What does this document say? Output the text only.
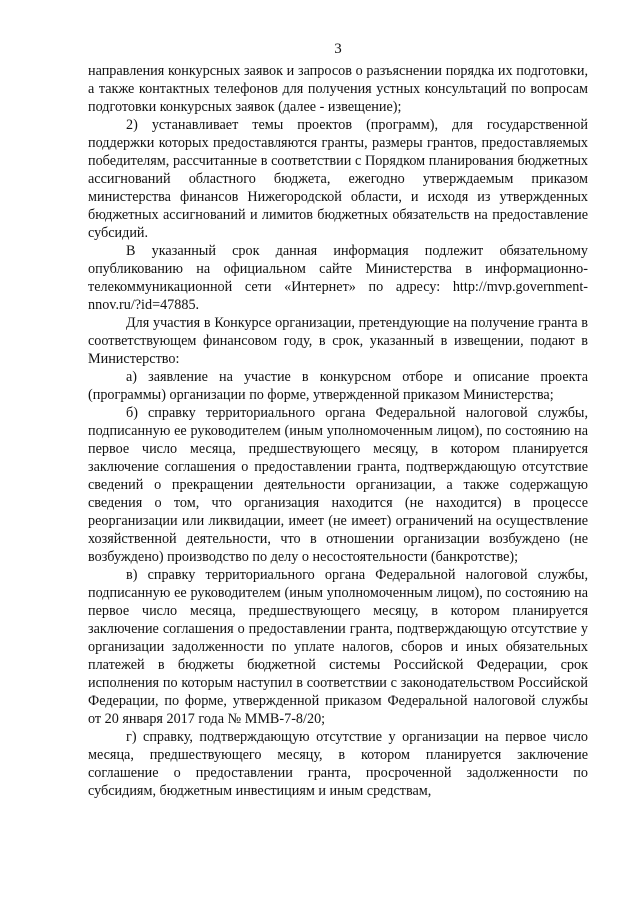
3

направления конкурсных заявок и запросов о разъяснении порядка их подготовки, а также контактных телефонов для получения устных консультаций по вопросам подготовки конкурсных заявок (далее - извещение);

2) устанавливает темы проектов (программ), для государственной поддержки которых предоставляются гранты, размеры грантов, предоставляемых победителям, рассчитанные в соответствии с Порядком планирования бюджетных ассигнований областного бюджета, ежегодно утверждаемым приказом министерства финансов Нижегородской области, и исходя из утвержденных бюджетных ассигнований и лимитов бюджетных обязательств на предоставление субсидий.

В указанный срок данная информация подлежит обязательному опубликованию на официальном сайте Министерства в информационно-телекоммуникационной сети «Интернет» по адресу: http://mvp.government-nnov.ru/?id=47885.

Для участия в Конкурсе организации, претендующие на получение гранта в соответствующем финансовом году, в срок, указанный в извещении, подают в Министерство:

а) заявление на участие в конкурсном отборе и описание проекта (программы) организации по форме, утвержденной приказом Министерства;

б) справку территориального органа Федеральной налоговой службы, подписанную ее руководителем (иным уполномоченным лицом), по состоянию на первое число месяца, предшествующего месяцу, в котором планируется заключение соглашения о предоставлении гранта, подтверждающую отсутствие сведений о прекращении деятельности организации, а также содержащую сведения о том, что организация находится (не находится) в процессе реорганизации или ликвидации, имеет (не имеет) ограничений на осуществление хозяйственной деятельности, что в отношении организации возбуждено (не возбуждено) производство по делу о несостоятельности (банкротстве);

в) справку территориального органа Федеральной налоговой службы, подписанную ее руководителем (иным уполномоченным лицом), по состоянию на первое число месяца, предшествующего месяцу, в котором планируется заключение соглашения о предоставлении гранта, подтверждающую отсутствие у организации задолженности по уплате налогов, сборов и иных обязательных платежей в бюджеты бюджетной системы Российской Федерации, срок исполнения по которым наступил в соответствии с законодательством Российской Федерации, по форме, утвержденной приказом Федеральной налоговой службы от 20 января 2017 года № ММВ-7-8/20;

г) справку, подтверждающую отсутствие у организации на первое число месяца, предшествующего месяцу, в котором планируется заключение соглашение о предоставлении гранта, просроченной задолженности по субсидиям, бюджетным инвестициям и иным средствам,
